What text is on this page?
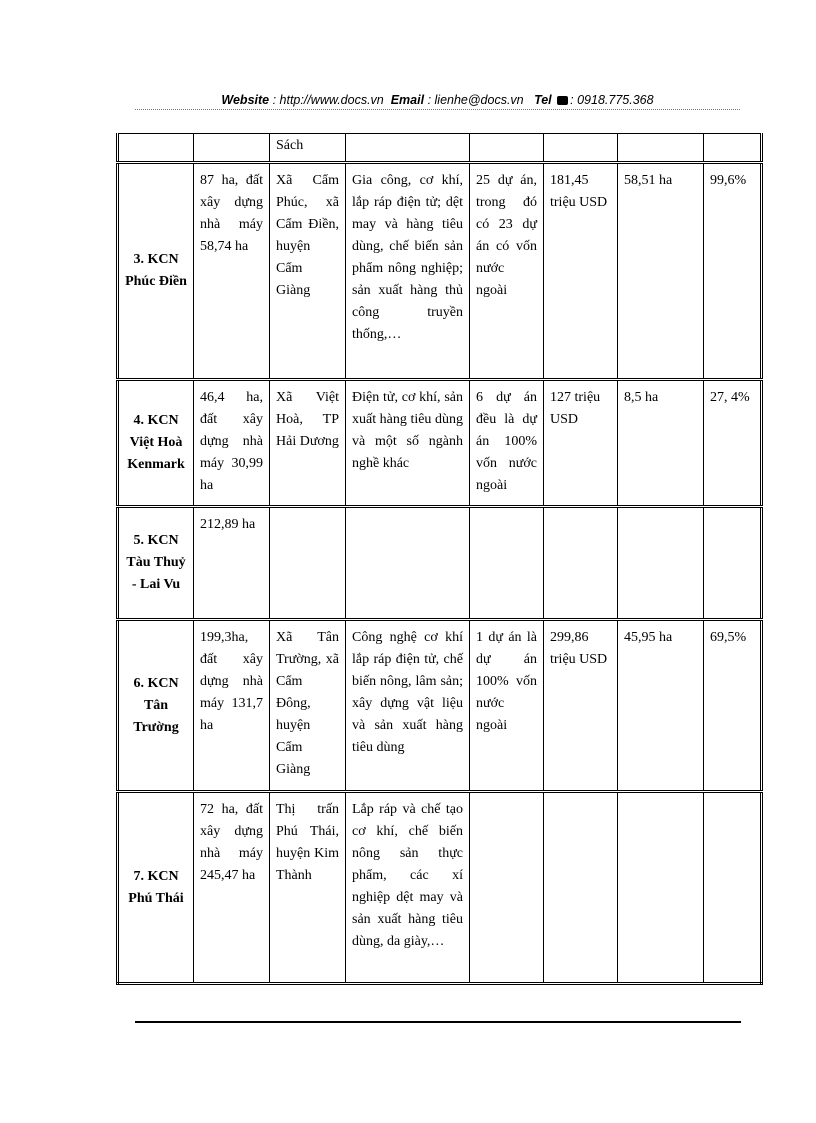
Website : http://www.docs.vn Email : lienhe@docs.vn Tel : 0918.775.368
		Sách					
3. KCN Phúc Điền	87 ha, đất xây dựng nhà máy 58,74 ha	Xã Cẩm Phúc, xã Cẩm Điền, huyện Cẩm Giàng	Gia công, cơ khí, lắp ráp điện tử; dệt may và hàng tiêu dùng, chế biến sản phẩm nông nghiệp; sản xuất hàng thủ công truyền thống,…	25 dự án, trong đó có 23 dự án có vốn nước ngoài	181,45 triệu USD	58,51 ha	99,6%
4. KCN Việt Hoà Kenmark	46,4 ha, đất xây dựng nhà máy 30,99 ha	Xã Việt Hoà, TP Hải Dương	Điện tử, cơ khí, sản xuất hàng tiêu dùng và một số ngành nghề khác	6 dự án đều là dự án 100% vốn nước ngoài	127 triệu USD	8,5 ha	27, 4%
5. KCN Tàu Thuỷ - Lai Vu	212,89 ha						
6. KCN Tân Trường	199,3ha, đất xây dựng nhà máy 131,7 ha	Xã Tân Trường, xã Cẩm Đông, huyện Cẩm Giàng	Công nghệ cơ khí lắp ráp điện tử, chế biến nông, lâm sản; xây dựng vật liệu và sản xuất hàng tiêu dùng	1 dự án là dự án 100% vốn nước ngoài	299,86 triệu USD	45,95 ha	69,5%
7. KCN Phú Thái	72 ha, đất xây dựng nhà máy 245,47 ha	Thị trấn Phú Thái, huyện Kim Thành	Lắp ráp và chế tạo cơ khí, chế biến nông sản thực phẩm, các xí nghiệp dệt may và sản xuất hàng tiêu dùng, da giày,…				
